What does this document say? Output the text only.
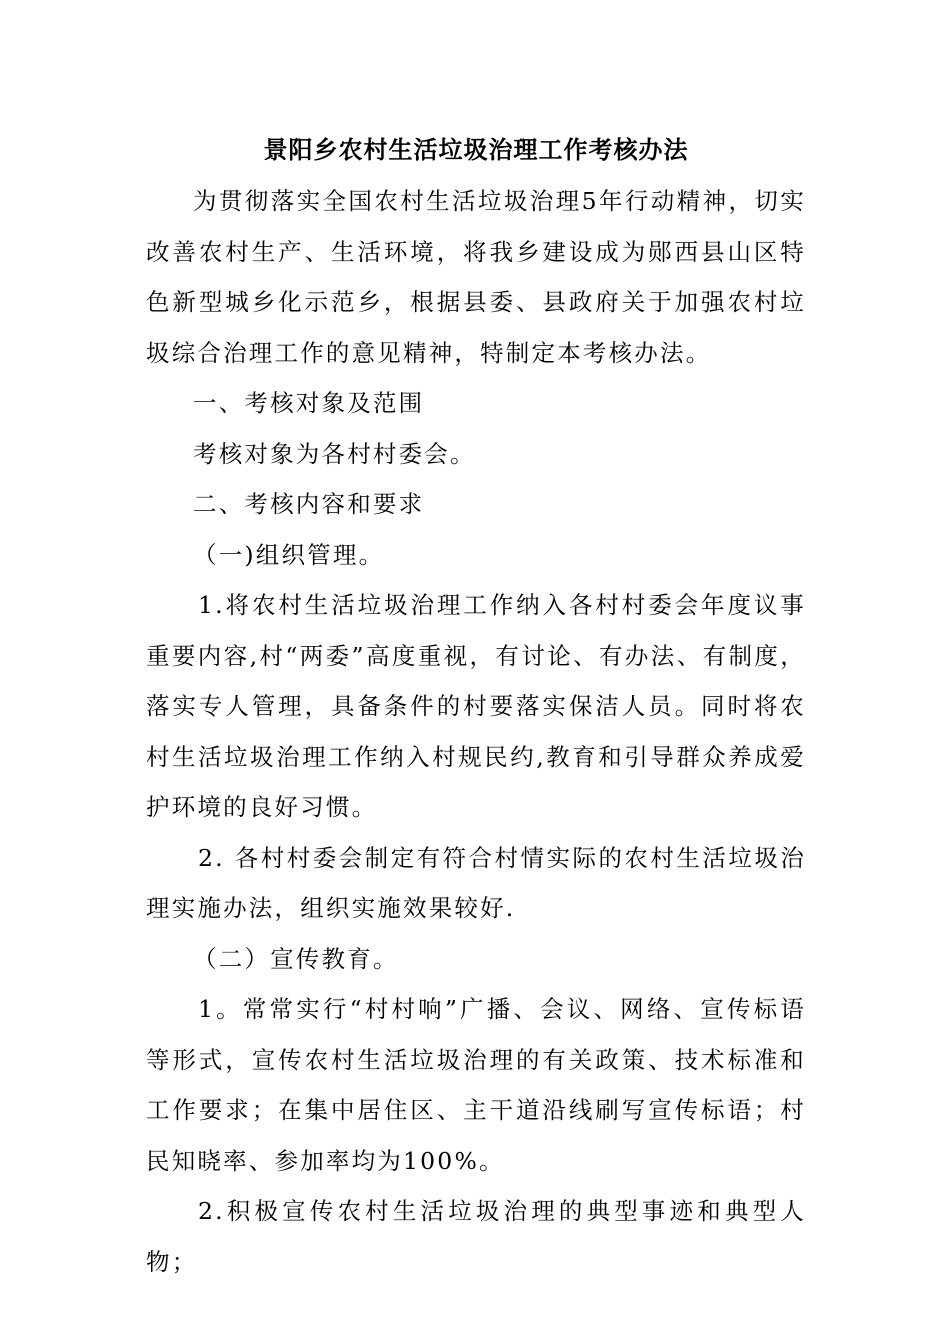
景阳乡农村生活垃圾治理工作考核办法

为贯彻落实全国农村生活垃圾治理5年行动精神，切实改善农村生产、生活环境，将我乡建设成为郧西县山区特色新型城乡化示范乡，根据县委、县政府关于加强农村垃圾综合治理工作的意见精神，特制定本考核办法。

一、考核对象及范围

考核对象为各村村委会。

二、考核内容和要求

（一)组织管理。

1.将农村生活垃圾治理工作纳入各村村委会年度议事重要内容,村“两委”高度重视，有讨论、有办法、有制度，落实专人管理，具备条件的村要落实保洁人员。同时将农村生活垃圾治理工作纳入村规民约,教育和引导群众养成爱护环境的良好习惯。

2. 各村村委会制定有符合村情实际的农村生活垃圾治理实施办法，组织实施效果较好.

（二）宣传教育。

1。常常实行“村村响”广播、会议、网络、宣传标语等形式，宣传农村生活垃圾治理的有关政策、技术标准和工作要求；在集中居住区、主干道沿线刷写宣传标语；村民知晓率、参加率均为100%。

2.积极宣传农村生活垃圾治理的典型事迹和典型人物；
